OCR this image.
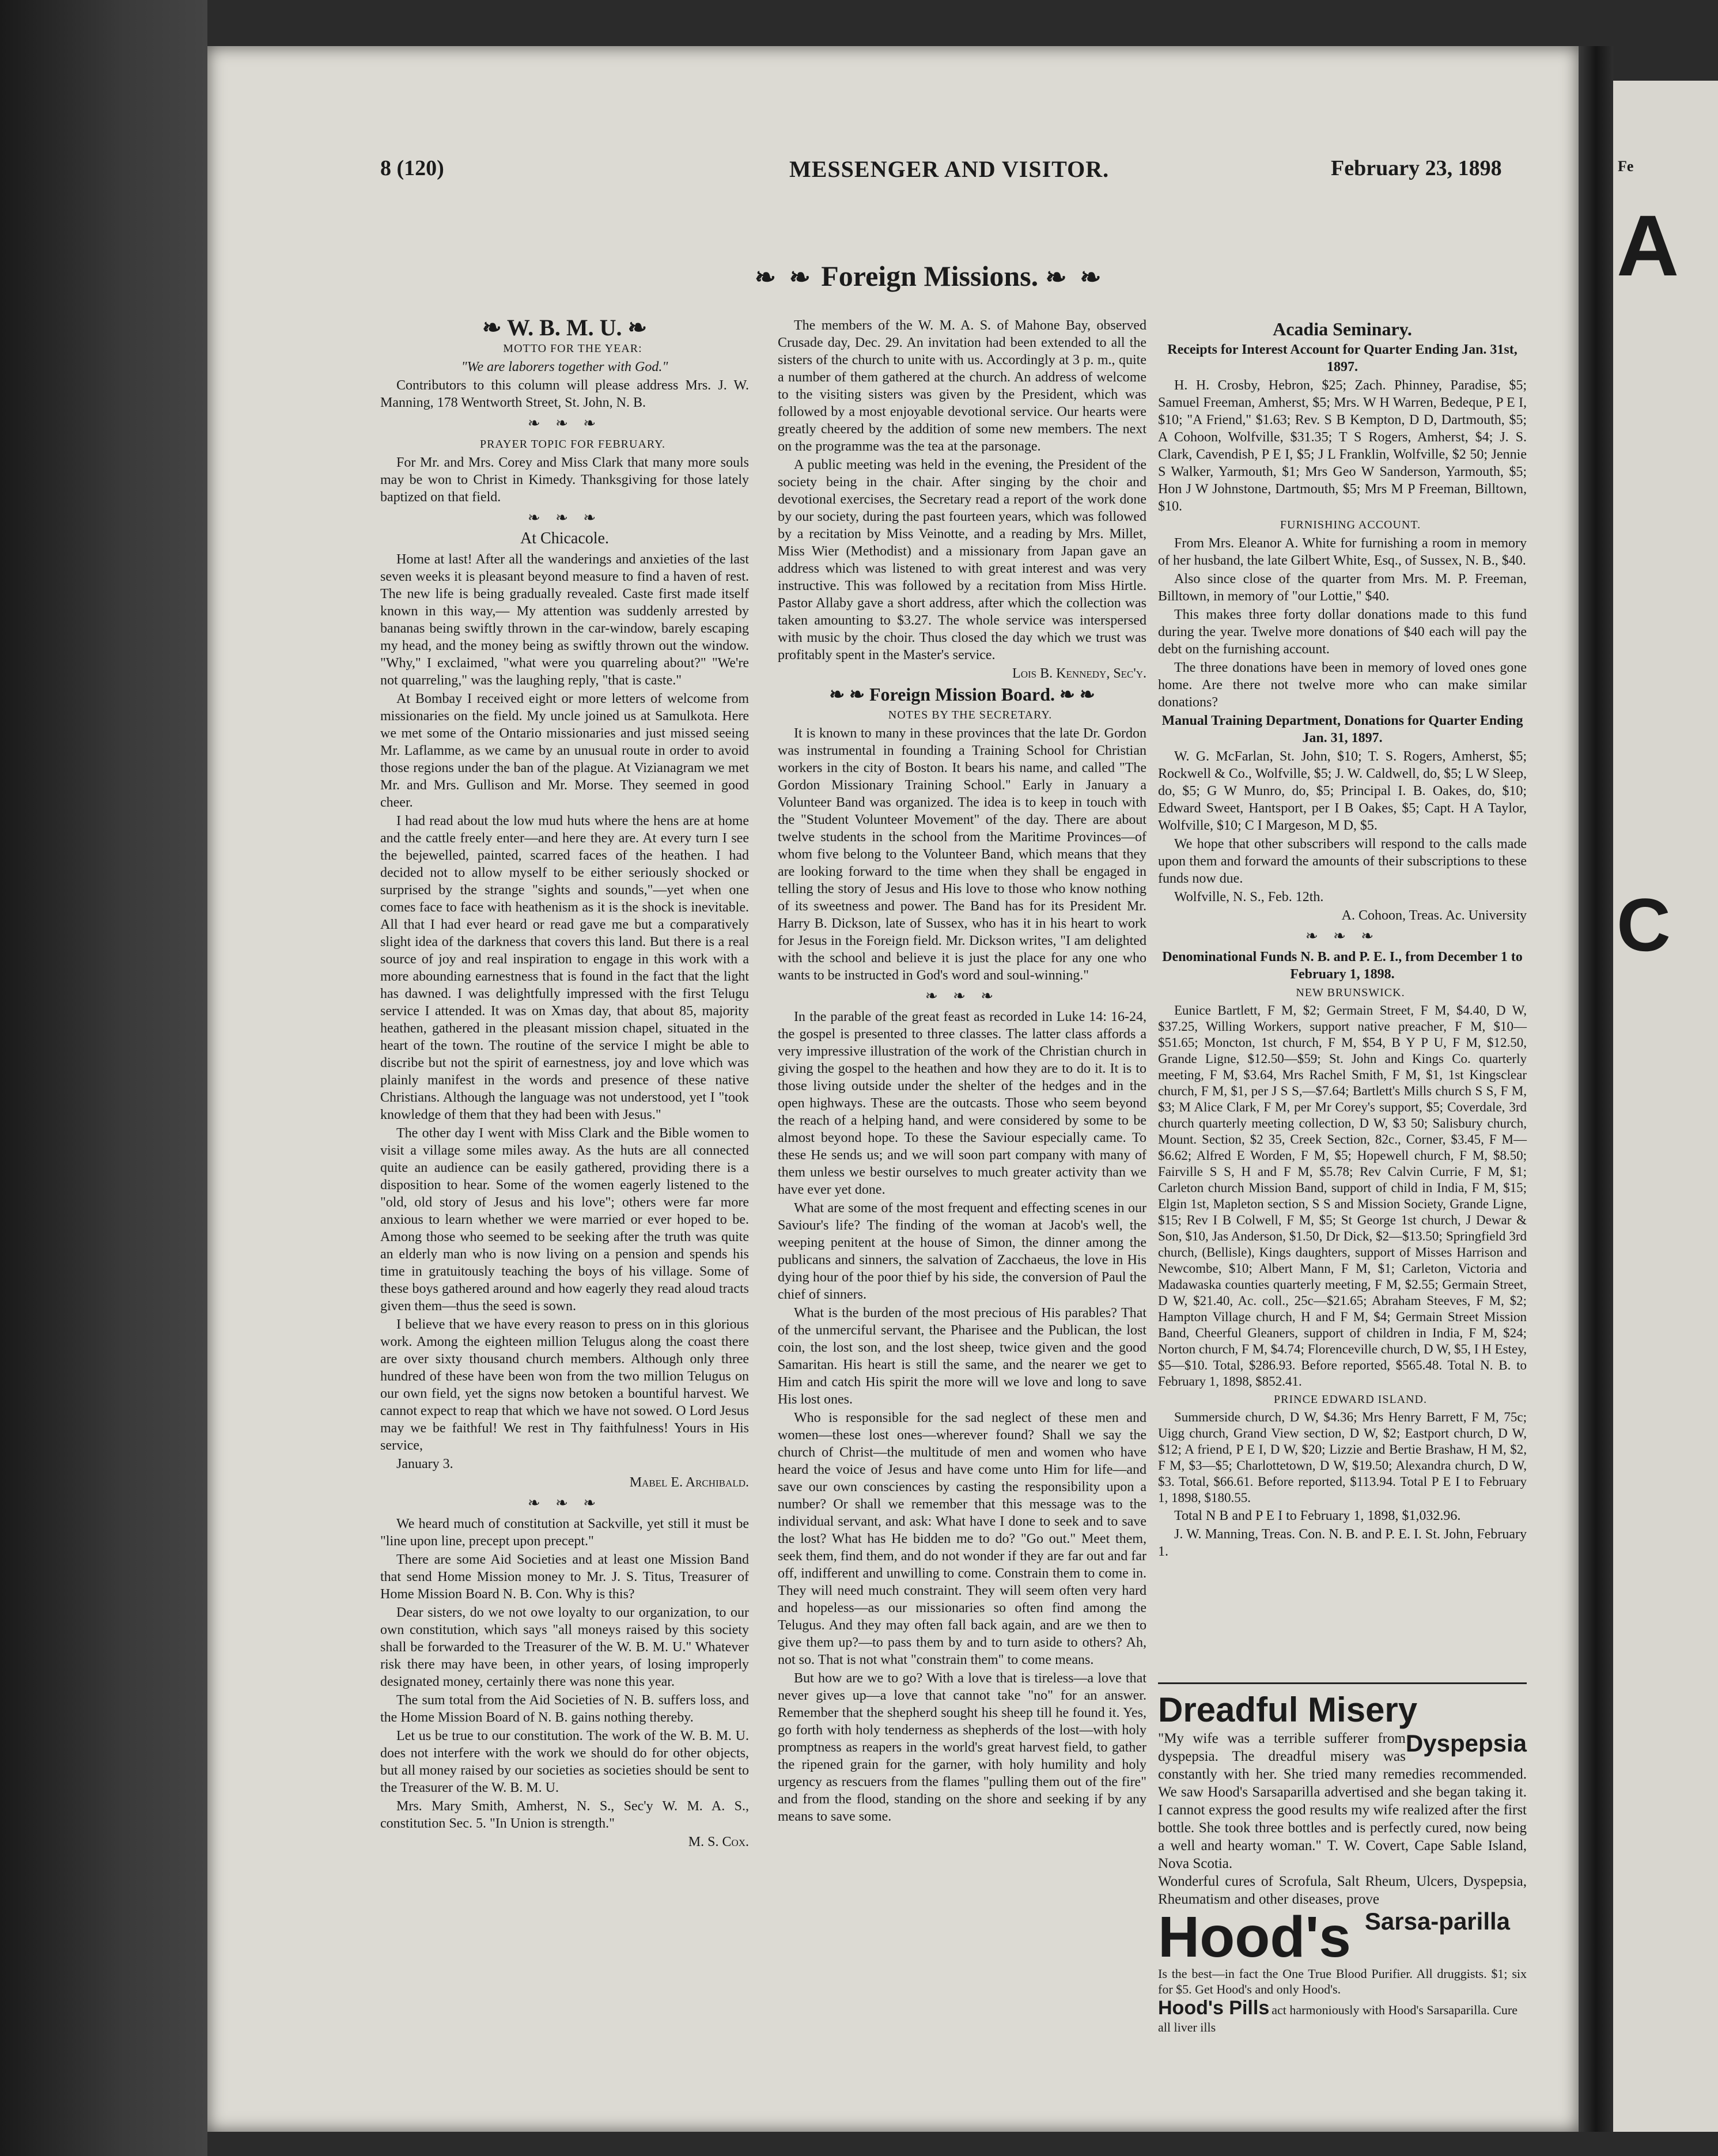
8 (120)	MESSENGER AND VISITOR.	February 23, 1898
❧ ❧ Foreign Missions. ❧ ❧
❧ W. B. M. U. ❧

MOTTO FOR THE YEAR:

"We are laborers together with God."

Contributors to this column will please address Mrs. J. W. Manning, 178 Wentworth Street, St. John, N. B.

❧ ❧ ❧

PRAYER TOPIC FOR FEBRUARY.

For Mr. and Mrs. Corey and Miss Clark that many more souls may be won to Christ in Kimedy. Thanksgiving for those lately baptized on that field.

❧ ❧ ❧
At Chicacole.

Home at last! After all the wanderings and anxieties of the last seven weeks it is pleasant beyond measure to find a haven of rest. The new life is being gradually revealed. Caste first made itself known in this way,— My attention was suddenly arrested by bananas being swiftly thrown in the car-window, barely escaping my head, and the money being as swiftly thrown out the window. "Why," I exclaimed, "what were you quarreling about?" "We're not quarreling," was the laughing reply, "that is caste."

At Bombay I received eight or more letters of welcome from missionaries on the field. My uncle joined us at Samulkota. Here we met some of the Ontario missionaries and just missed seeing Mr. Laflamme, as we came by an unusual route in order to avoid those regions under the ban of the plague. At Vizianagram we met Mr. and Mrs. Gullison and Mr. Morse. They seemed in good cheer.

I had read about the low mud huts where the hens are at home and the cattle freely enter—and here they are. At every turn I see the bejewelled, painted, scarred faces of the heathen. I had decided not to allow myself to be either seriously shocked or surprised by the strange "sights and sounds,"—yet when one comes face to face with heathenism as it is the shock is inevitable. All that I had ever heard or read gave me but a comparatively slight idea of the darkness that covers this land. But there is a real source of joy and real inspiration to engage in this work with a more abounding earnestness that is found in the fact that the light has dawned. I was delightfully impressed with the first Telugu service I attended. It was on Xmas day, that about 85, majority heathen, gathered in the pleasant mission chapel, situated in the heart of the town. The routine of the service I might be able to discribe but not the spirit of earnestness, joy and love which was plainly manifest in the words and presence of these native Christians. Although the language was not understood, yet I "took knowledge of them that they had been with Jesus."

The other day I went with Miss Clark and the Bible women to visit a village some miles away. As the huts are all connected quite an audience can be easily gathered, providing there is a disposition to hear. Some of the women eagerly listened to the "old, old story of Jesus and his love"; others were far more anxious to learn whether we were married or ever hoped to be. Among those who seemed to be seeking after the truth was quite an elderly man who is now living on a pension and spends his time in gratuitously teaching the boys of his village. Some of these boys gathered around and how eagerly they read aloud tracts given them—thus the seed is sown.

I believe that we have every reason to press on in this glorious work. Among the eighteen million Telugus along the coast there are over sixty thousand church members. Although only three hundred of these have been won from the two million Telugus on our own field, yet the signs now betoken a bountiful harvest. We cannot expect to reap that which we have not sowed. O Lord Jesus may we be faithful! We rest in Thy faithfulness! Yours in His service,

January 3.

Mabel E. Archibald.

❧ ❧ ❧

We heard much of constitution at Sackville, yet still it must be "line upon line, precept upon precept."

There are some Aid Societies and at least one Mission Band that send Home Mission money to Mr. J. S. Titus, Treasurer of Home Mission Board N. B. Con. Why is this?

Dear sisters, do we not owe loyalty to our organization, to our own constitution, which says "all moneys raised by this society shall be forwarded to the Treasurer of the W. B. M. U." Whatever risk there may have been, in other years, of losing improperly designated money, certainly there was none this year.

The sum total from the Aid Societies of N. B. suffers loss, and the Home Mission Board of N. B. gains nothing thereby.

Let us be true to our constitution. The work of the W. B. M. U. does not interfere with the work we should do for other objects, but all money raised by our societies as societies should be sent to the Treasurer of the W. B. M. U.

Mrs. Mary Smith, Amherst, N. S., Sec'y W. M. A. S., constitution Sec. 5. "In Union is strength."

M. S. Cox.

The members of the W. M. A. S. of Mahone Bay, observed Crusade day, Dec. 29. An invitation had been extended to all the sisters of the church to unite with us. Accordingly at 3 p. m., quite a number of them gathered at the church. An address of welcome to the visiting sisters was given by the President, which was followed by a most enjoyable devotional service. Our hearts were greatly cheered by the addition of some new members. The next on the programme was the tea at the parsonage.

A public meeting was held in the evening, the President of the society being in the chair. After singing by the choir and devotional exercises, the Secretary read a report of the work done by our society, during the past fourteen years, which was followed by a recitation by Miss Veinotte, and a reading by Mrs. Millet, Miss Wier (Methodist) and a missionary from Japan gave an address which was listened to with great interest and was very instructive. This was followed by a recitation from Miss Hirtle. Pastor Allaby gave a short address, after which the collection was taken amounting to $3.27. The whole service was interspersed with music by the choir. Thus closed the day which we trust was profitably spent in the Master's service.

Lois B. Kennedy, Sec'y.

❧ ❧ Foreign Mission Board. ❧ ❧

NOTES BY THE SECRETARY.

It is known to many in these provinces that the late Dr. Gordon was instrumental in founding a Training School for Christian workers in the city of Boston. It bears his name, and called "The Gordon Missionary Training School." Early in January a Volunteer Band was organized. The idea is to keep in touch with the "Student Volunteer Movement" of the day. There are about twelve students in the school from the Maritime Provinces—of whom five belong to the Volunteer Band, which means that they are looking forward to the time when they shall be engaged in telling the story of Jesus and His love to those who know nothing of its sweetness and power. The Band has for its President Mr. Harry B. Dickson, late of Sussex, who has it in his heart to work for Jesus in the Foreign field. Mr. Dickson writes, "I am delighted with the school and believe it is just the place for any one who wants to be instructed in God's word and soul-winning."

❧ ❧ ❧

In the parable of the great feast as recorded in Luke 14: 16-24, the gospel is presented to three classes. The latter class affords a very impressive illustration of the work of the Christian church in giving the gospel to the heathen and how they are to do it. It is to those living outside under the shelter of the hedges and in the open highways. These are the outcasts. Those who seem beyond the reach of a helping hand, and were considered by some to be almost beyond hope. To these the Saviour especially came. To these He sends us; and we will soon part company with many of them unless we bestir ourselves to much greater activity than we have ever yet done.

What are some of the most frequent and effecting scenes in our Saviour's life? The finding of the woman at Jacob's well, the weeping penitent at the house of Simon, the dinner among the publicans and sinners, the salvation of Zacchaeus, the love in His dying hour of the poor thief by his side, the conversion of Paul the chief of sinners.

What is the burden of the most precious of His parables? That of the unmerciful servant, the Pharisee and the Publican, the lost coin, the lost son, and the lost sheep, twice given and the good Samaritan. His heart is still the same, and the nearer we get to Him and catch His spirit the more will we love and long to save His lost ones.

Who is responsible for the sad neglect of these men and women—these lost ones—wherever found? Shall we say the church of Christ—the multitude of men and women who have heard the voice of Jesus and have come unto Him for life—and save our own consciences by casting the responsibility upon a number? Or shall we remember that this message was to the individual servant, and ask: What have I done to seek and to save the lost? What has He bidden me to do? "Go out." Meet them, seek them, find them, and do not wonder if they are far out and far off, indifferent and unwilling to come. Constrain them to come in. They will need much constraint. They will seem often very hard and hopeless—as our missionaries so often find among the Telugus. And they may often fall back again, and are we then to give them up?—to pass them by and to turn aside to others? Ah, not so. That is not what "constrain them" to come means.

But how are we to go? With a love that is tireless—a love that never gives up—a love that cannot take "no" for an answer. Remember that the shepherd sought his sheep till he found it. Yes, go forth with holy tenderness as shepherds of the lost—with holy promptness as reapers in the world's great harvest field, to gather the ripened grain for the garner, with holy humility and holy urgency as rescuers from the flames "pulling them out of the fire" and from the flood, standing on the shore and seeking if by any means to save some.

Acadia Seminary.

Receipts for Interest Account for Quarter Ending Jan. 31st, 1897.

H. H. Crosby, Hebron, $25; Zach. Phinney, Paradise, $5; Samuel Freeman, Amherst, $5; Mrs. W H Warren, Bedeque, P E I, $10; "A Friend," $1.63; Rev. S B Kempton, D D, Dartmouth, $5; A Cohoon, Wolfville, $31.35; T S Rogers, Amherst, $4; J. S. Clark, Cavendish, P E I, $5; J L Franklin, Wolfville, $2 50; Jennie S Walker, Yarmouth, $1; Mrs Geo W Sanderson, Yarmouth, $5; Hon J W Johnstone, Dartmouth, $5; Mrs M P Freeman, Billtown, $10.

FURNISHING ACCOUNT.

From Mrs. Eleanor A. White for furnishing a room in memory of her husband, the late Gilbert White, Esq., of Sussex, N. B., $40.

Also since close of the quarter from Mrs. M. P. Freeman, Billtown, in memory of "our Lottie," $40.

This makes three forty dollar donations made to this fund during the year. Twelve more donations of $40 each will pay the debt on the furnishing account.

The three donations have been in memory of loved ones gone home. Are there not twelve more who can make similar donations?

Manual Training Department, Donations for Quarter Ending Jan. 31, 1897.

W. G. McFarlan, St. John, $10; T. S. Rogers, Amherst, $5; Rockwell & Co., Wolfville, $5; J. W. Caldwell, do, $5; L W Sleep, do, $5; G W Munro, do, $5; Principal I. B. Oakes, do, $10; Edward Sweet, Hantsport, per I B Oakes, $5; Capt. H A Taylor, Wolfville, $10; C I Margeson, M D, $5.

We hope that other subscribers will respond to the calls made upon them and forward the amounts of their subscriptions to these funds now due.

Wolfville, N. S., Feb. 12th.

A. Cohoon, Treas. Ac. University

❧ ❧ ❧

Denominational Funds N. B. and P. E. I., from December 1 to February 1, 1898.

NEW BRUNSWICK.

Eunice Bartlett, F M, $2; Germain Street, F M, $4.40, D W, $37.25, Willing Workers, support native preacher, F M, $10—$51.65; Moncton, 1st church, F M, $54, B Y P U, F M, $12.50, Grande Ligne, $12.50—$59; St. John and Kings Co. quarterly meeting, F M, $3.64, Mrs Rachel Smith, F M, $1, 1st Kingsclear church, F M, $1, per J S S,—$7.64; Bartlett's Mills church S S, F M, $3; M Alice Clark, F M, per Mr Corey's support, $5; Coverdale, 3rd church quarterly meeting collection, D W, $3 50; Salisbury church, Mount. Section, $2 35, Creek Section, 82c., Corner, $3.45, F M—$6.62; Alfred E Worden, F M, $5; Hopewell church, F M, $8.50; Fairville S S, H and F M, $5.78; Rev Calvin Currie, F M, $1; Carleton church Mission Band, support of child in India, F M, $15; Elgin 1st, Mapleton section, S S and Mission Society, Grande Ligne, $15; Rev I B Colwell, F M, $5; St George 1st church, J Dewar & Son, $10, Jas Anderson, $1.50, Dr Dick, $2—$13.50; Springfield 3rd church, (Bellisle), Kings daughters, support of Misses Harrison and Newcombe, $10; Albert Mann, F M, $1; Carleton, Victoria and Madawaska counties quarterly meeting, F M, $2.55; Germain Street, D W, $21.40, Ac. coll., 25c—$21.65; Abraham Steeves, F M, $2; Hampton Village church, H and F M, $4; Germain Street Mission Band, Cheerful Gleaners, support of children in India, F M, $24; Norton church, F M, $4.74; Florenceville church, D W, $5, I H Estey, $5—$10. Total, $286.93. Before reported, $565.48. Total N. B. to February 1, 1898, $852.41.

PRINCE EDWARD ISLAND.

Summerside church, D W, $4.36; Mrs Henry Barrett, F M, 75c; Uigg church, Grand View section, D W, $2; Eastport church, D W, $12; A friend, P E I, D W, $20; Lizzie and Bertie Brashaw, H M, $2, F M, $3—$5; Charlottetown, D W, $19.50; Alexandra church, D W, $3. Total, $66.61. Before reported, $113.94. Total P E I to February 1, 1898, $180.55.

Total N B and P E I to February 1, 1898, $1,032.96.

J. W. Manning, Treas. Con. N. B. and P. E. I. St. John, February 1.

Dreadful Misery
Dyspepsia
"My wife was a terrible sufferer from dyspepsia. The dreadful misery was constantly with her. She tried many remedies recommended. We saw Hood's Sarsaparilla advertised and she began taking it. I cannot express the good results my wife realized after the first bottle. She took three bottles and is perfectly cured, now being a well and hearty woman." T. W. Covert, Cape Sable Island, Nova Scotia.
Wonderful cures of Scrofula, Salt Rheum, Ulcers, Dyspepsia, Rheumatism and other diseases, prove
Hood's Sarsa-parilla
Is the best—in fact the One True Blood Purifier. All druggists. $1; six for $5. Get Hood's and only Hood's.
Hood's Pills act harmoniously with Hood's Sarsaparilla. Cure all liver ills
Fe
A
C
